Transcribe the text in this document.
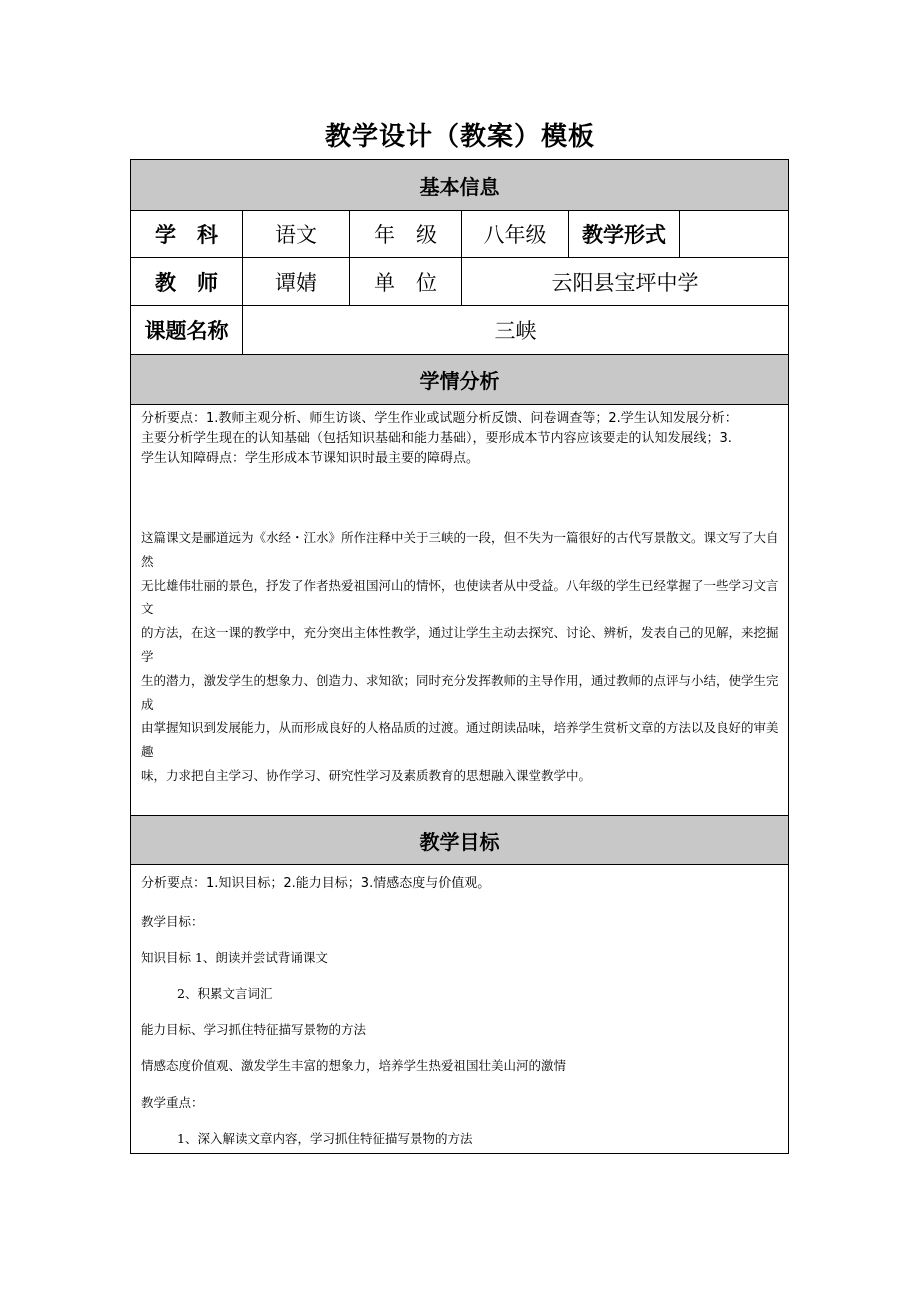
教学设计（教案）模板
基本信息
学　科	语文	年　级	八年级	教学形式
教　师	谭婧	单　位	云阳县宝坪中学
课题名称	三峡
学情分析
分析要点：1.教师主观分析、师生访谈、学生作业或试题分析反馈、问卷调查等；2.学生认知发展分析：
主要分析学生现在的认知基础（包括知识基础和能力基础），要形成本节内容应该要走的认知发展线；3.
学生认知障碍点：学生形成本节课知识时最主要的障碍点。
这篇课文是郦道远为《水经・江水》所作注释中关于三峡的一段，但不失为一篇很好的古代写景散文。课文写了大自然
无比雄伟壮丽的景色，抒发了作者热爱祖国河山的情怀，也使读者从中受益。八年级的学生已经掌握了一些学习文言文
的方法，在这一课的教学中，充分突出主体性教学，通过让学生主动去探究、讨论、辨析，发表自己的见解，来挖掘学
生的潜力，激发学生的想象力、创造力、求知欲；同时充分发挥教师的主导作用，通过教师的点评与小结，使学生完成
由掌握知识到发展能力，从而形成良好的人格品质的过渡。通过朗读品味，培养学生赏析文章的方法以及良好的审美趣
味，力求把自主学习、协作学习、研究性学习及素质教育的思想融入课堂教学中。
教学目标
分析要点：1.知识目标；2.能力目标；3.情感态度与价值观。
教学目标：
知识目标 1、朗读并尝试背诵课文
2、积累文言词汇
能力目标、学习抓住特征描写景物的方法
情感态度价值观、激发学生丰富的想象力，培养学生热爱祖国壮美山河的激情
教学重点：
1、深入解读文章内容，学习抓住特征描写景物的方法
